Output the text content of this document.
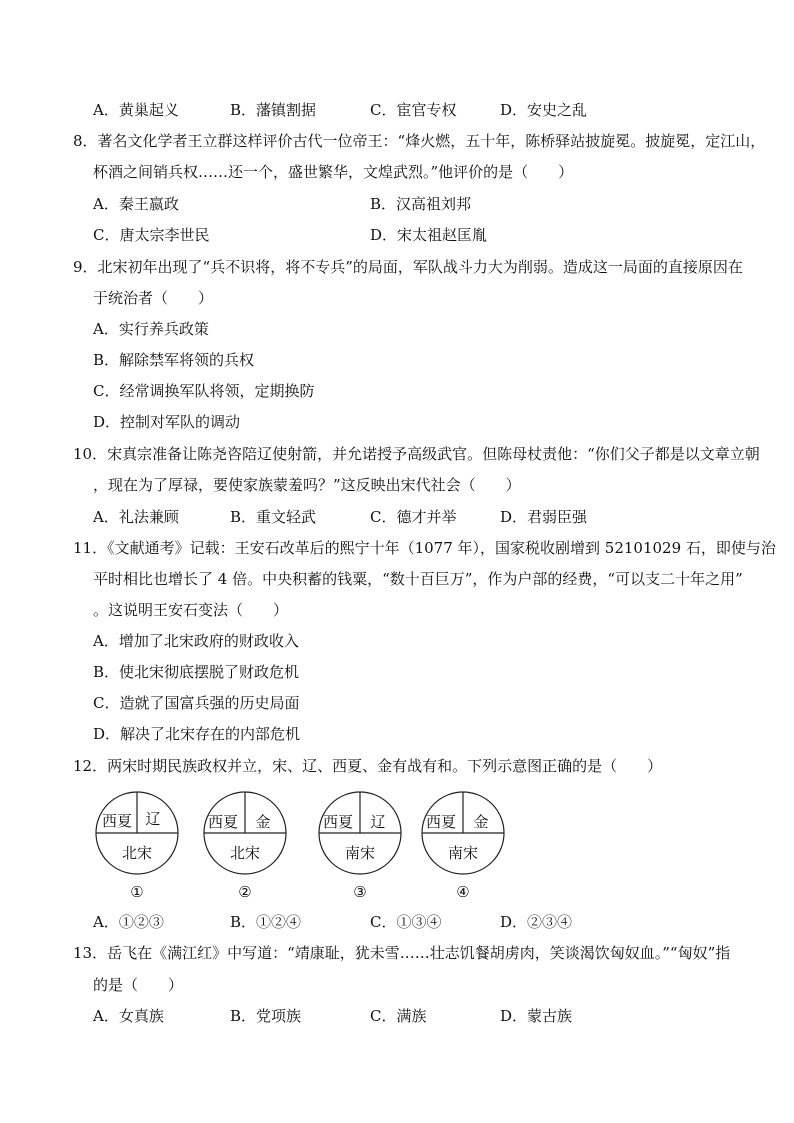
A．黄巢起义	B．藩镇割据	C．宦官专权	D．安史之乱
8．著名文化学者王立群这样评价古代一位帝王：“烽火燃，五十年，陈桥驿站披旋冕。披旋冕，定江山，
杯酒之间销兵权……还一个，盛世繁华，文煌武烈。”他评价的是（　　）
A．秦王嬴政	B．汉高祖刘邦
C．唐太宗李世民	D．宋太祖赵匡胤
9．北宋初年出现了“兵不识将，将不专兵”的局面，军队战斗力大为削弱。造成这一局面的直接原因在
于统治者（　　）
A．实行养兵政策
B．解除禁军将领的兵权
C．经常调换军队将领，定期换防
D．控制对军队的调动
10．宋真宗准备让陈尧咨陪辽使射箭，并允诺授予高级武官。但陈母杖责他：“你们父子都是以文章立朝
，现在为了厚禄，要使家族蒙羞吗？”这反映出宋代社会（　　）
A．礼法兼顾	B．重文轻武	C．德才并举	D．君弱臣强
11．《文献通考》记载：王安石改革后的熙宁十年（1077 年），国家税收剧增到 52101029 石，即使与治
平时相比也增长了 4 倍。中央积蓄的钱粟，“数十百巨万”，作为户部的经费，“可以支二十年之用”
。这说明王安石变法（　　）
A．增加了北宋政府的财政收入
B．使北宋彻底摆脱了财政危机
C．造就了国富兵强的历史局面
D．解决了北宋存在的内部危机
12．两宋时期民族政权并立，宋、辽、西夏、金有战有和。下列示意图正确的是（　　）
西夏 辽
北宋
①
西夏	金
北宋
②
西夏	辽
南宋
③
西夏	金
南宋
④
A．①②③	B．①②④	C．①③④	D．②③④
13．岳飞在《满江红》中写道：“靖康耻，犹未雪……壮志饥餐胡虏肉，笑谈渴饮匈奴血。”“匈奴”指
的是（　　）
A．女真族	B．党项族	C．满族	D．蒙古族
